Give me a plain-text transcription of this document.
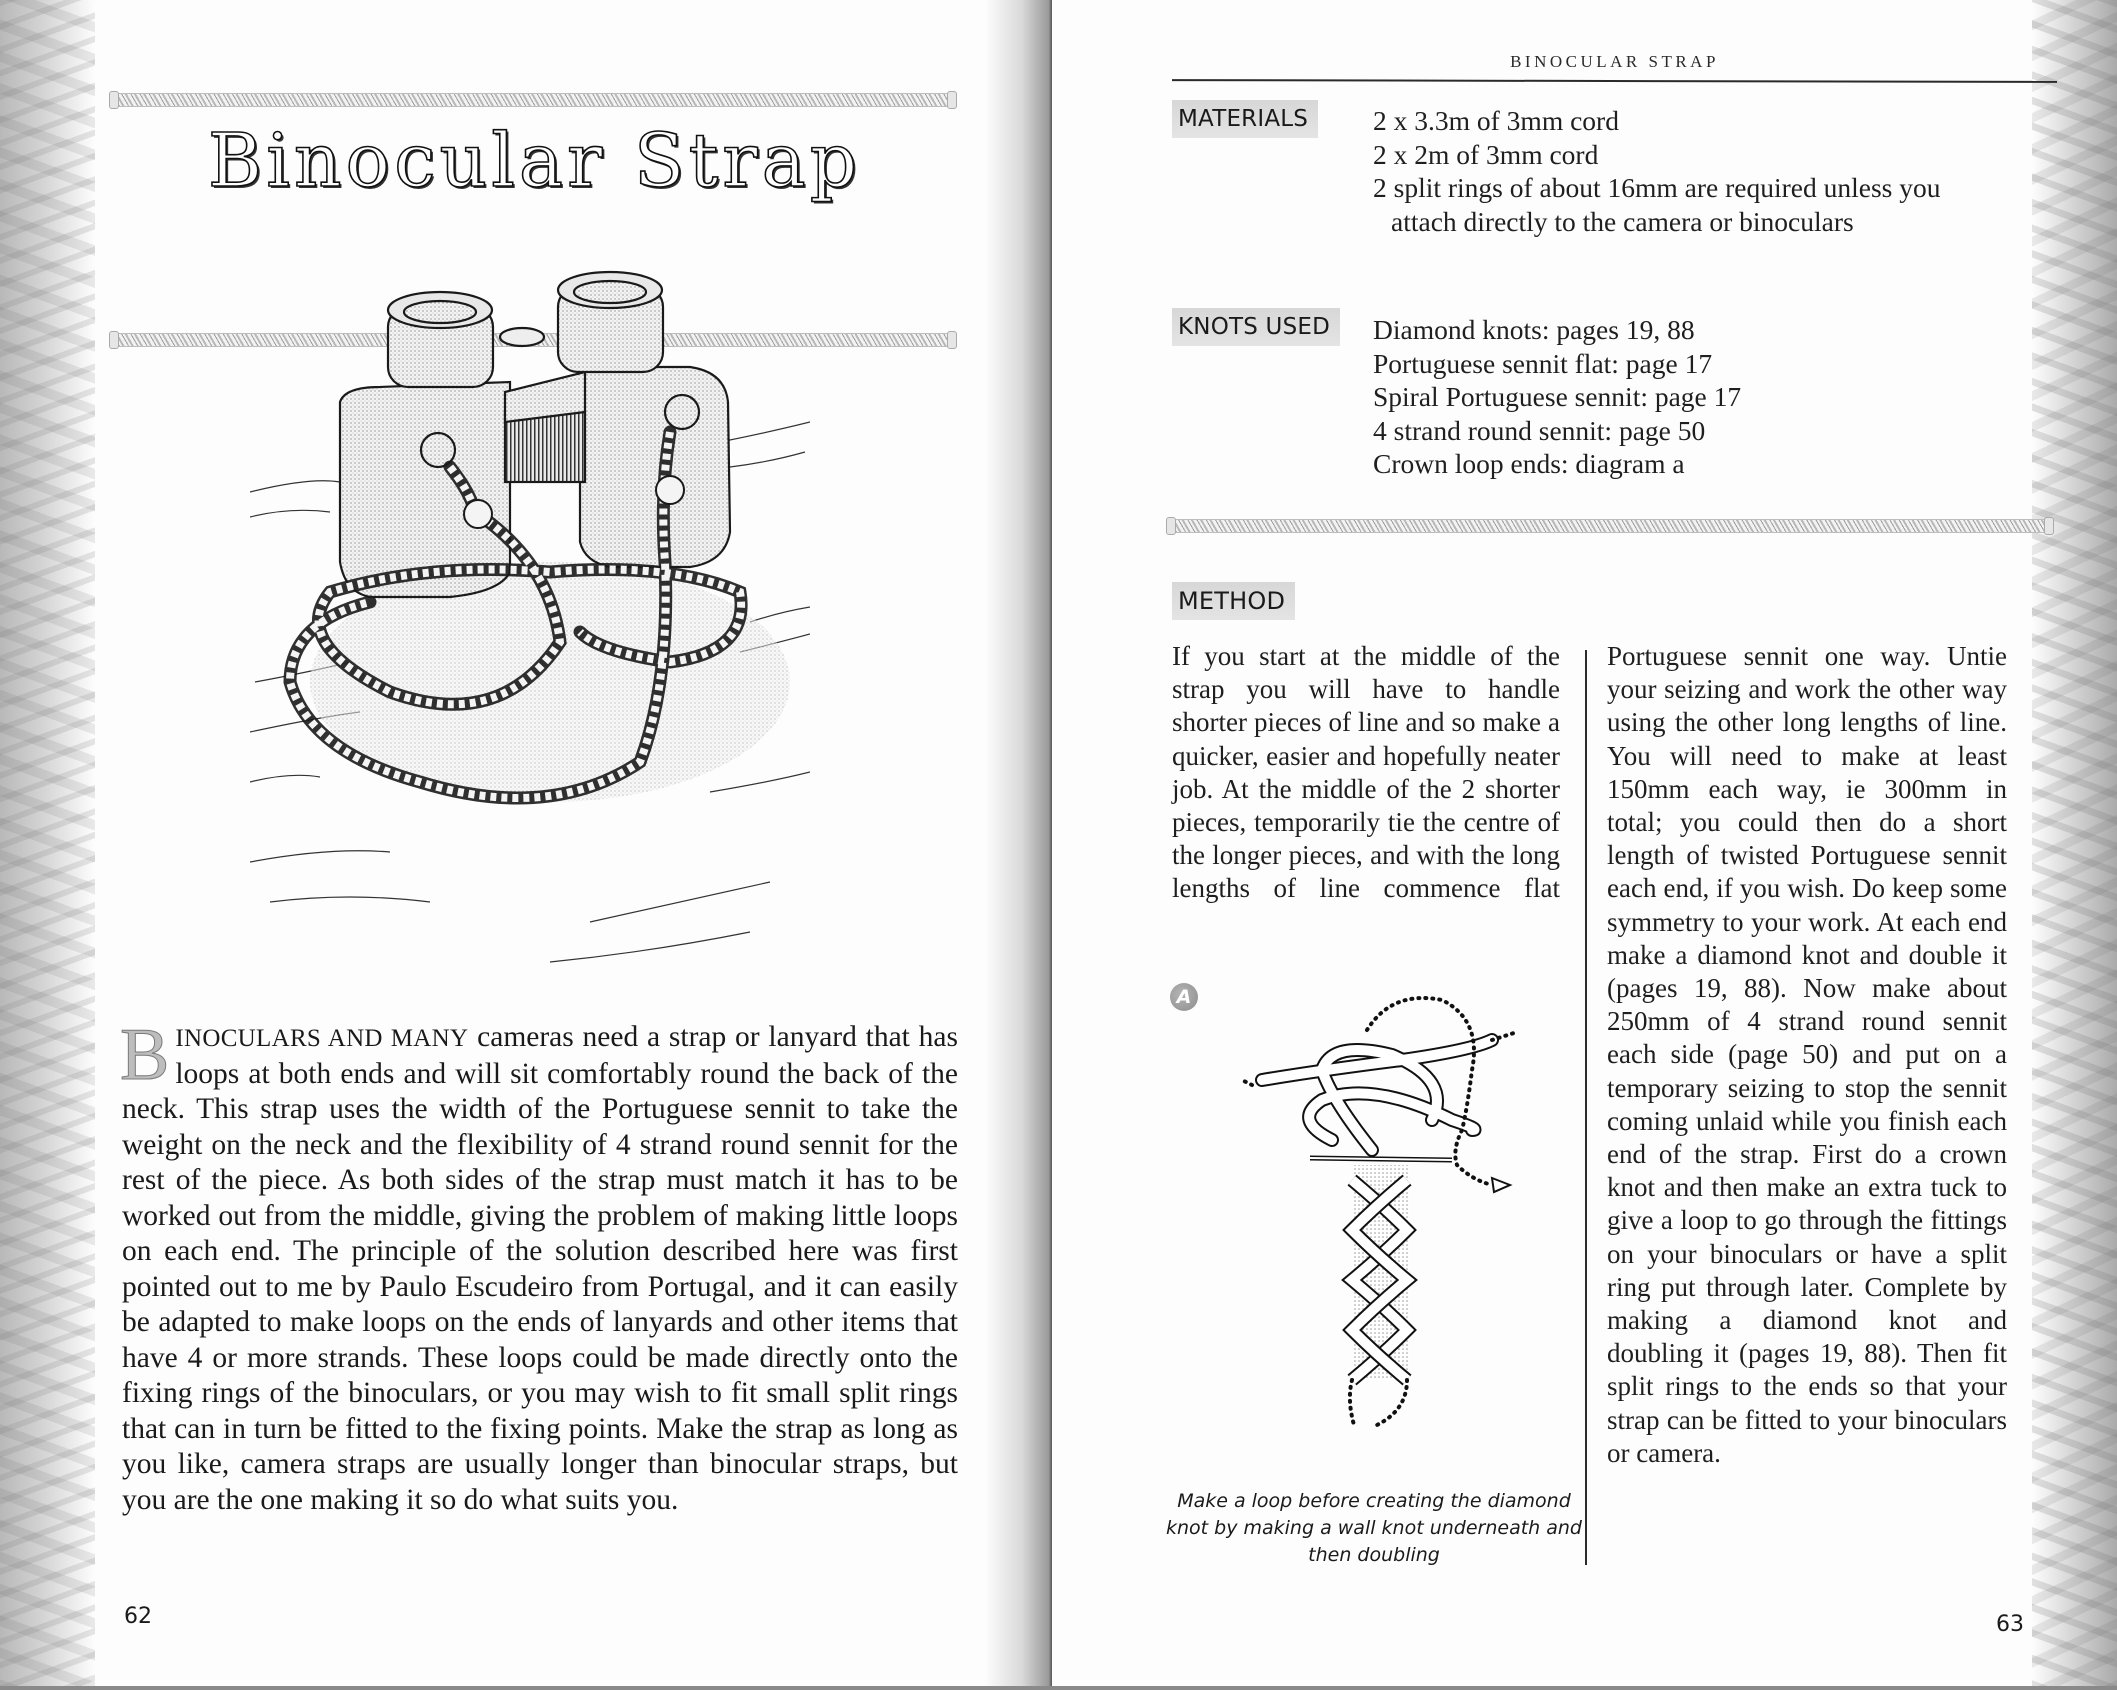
Binocular Strap
BINOCULARS AND MANY cameras need a strap or lanyard that has loops at both ends and will sit comfortably round the back of the neck. This strap uses the width of the Portuguese sennit to take the weight on the neck and the flexibility of 4 strand round sennit for the rest of the piece. As both sides of the strap must match it has to be worked out from the middle, giving the problem of making little loops on each end. The principle of the solution described here was first pointed out to me by Paulo Escudeiro from Portugal, and it can easily be adapted to make loops on the ends of lanyards and other items that have 4 or more strands. These loops could be made directly onto the fixing rings of the binoculars, or you may wish to fit small split rings that can in turn be fitted to the fixing points. Make the strap as long as you like, camera straps are usually longer than binocular straps, but you are the one making it so do what suits you.
62
BINOCULAR STRAP
MATERIALS	2 x 3.3m of 3mm cord
2 x 2m of 3mm cord
2 split rings of about 16mm are required unless you
attach directly to the camera or binoculars
KNOTS USED	Diamond knots: pages 19, 88
Portuguese sennit flat: page 17
Spiral Portuguese sennit: page 17
4 strand round sennit: page 50
Crown loop ends: diagram a
METHOD
If you start at the middle of the strap you will have to handle shorter pieces of line and so make a quicker, easier and hopefully neater job. At the middle of the 2 shorter pieces, temporarily tie the centre of the longer pieces, and with the long lengths of line commence flat
Portuguese sennit one way. Untie your seizing and work the other way using the other long lengths of line. You will need to make at least 150mm each way, ie 300mm in total; you could then do a short length of twisted Portuguese sennit each end, if you wish. Do keep some symmetry to your work. At each end make a diamond knot and double it (pages 19, 88). Now make about 250mm of 4 strand round sennit each side (page 50) and put on a temporary seizing to stop the sennit coming unlaid while you finish each end of the strap. First do a crown knot and then make an extra tuck to give a loop to go through the fittings on your binoculars or have a split ring put through later. Complete by making a diamond knot and doubling it (pages 19, 88). Then fit split rings to the ends so that your strap can be fitted to your binoculars or camera.
A
Make a loop before creating the diamond knot by making a wall knot underneath and then doubling
63
